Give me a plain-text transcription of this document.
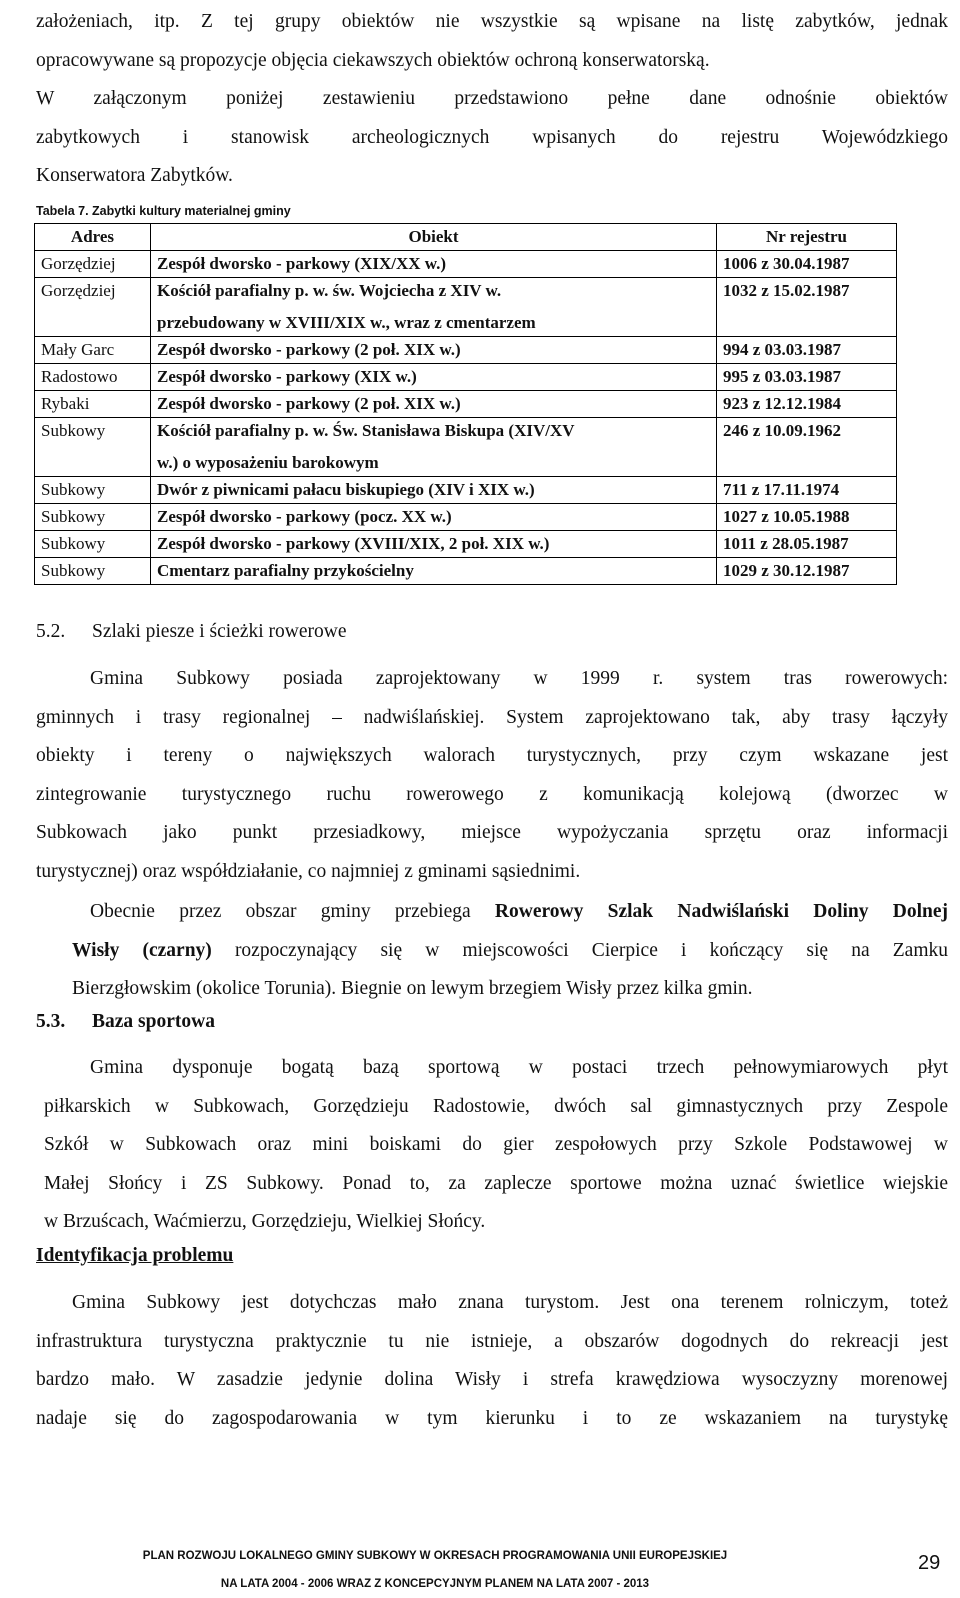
założeniach, itp. Z tej grupy obiektów nie wszystkie są wpisane na listę zabytków, jednak
opracowywane są propozycje objęcia ciekawszych obiektów ochroną konserwatorską.
W załączonym poniżej zestawieniu przedstawiono pełne dane odnośnie obiektów
zabytkowych i stanowisk archeologicznych wpisanych do rejestru Wojewódzkiego
Konserwatora Zabytków.
Tabela 7. Zabytki kultury materialnej gminy
Adres	Obiekt	Nr rejestru
Gorzędziej	Zespół dworsko - parkowy (XIX/XX w.)	1006 z 30.04.1987
Gorzędziej	Kościół parafialny p. w. św. Wojciecha z XIV w.
przebudowany w XVIII/XIX w., wraz z cmentarzem	1032 z 15.02.1987
Mały Garc	Zespół dworsko - parkowy (2 poł. XIX w.)	994 z 03.03.1987
Radostowo	Zespół dworsko - parkowy (XIX w.)	995 z 03.03.1987
Rybaki	Zespół dworsko - parkowy (2 poł. XIX w.)	923 z 12.12.1984
Subkowy	Kościół parafialny p. w. Św. Stanisława Biskupa (XIV/XV
w.) o wyposażeniu barokowym	246 z 10.09.1962
Subkowy	Dwór z piwnicami pałacu biskupiego (XIV i XIX w.)	711 z 17.11.1974
Subkowy	Zespół dworsko - parkowy (pocz. XX w.)	1027 z 10.05.1988
Subkowy	Zespół dworsko - parkowy (XVIII/XIX, 2 poł. XIX w.)	1011 z 28.05.1987
Subkowy	Cmentarz parafialny przykościelny	1029 z 30.12.1987
5.2. Szlaki piesze i ścieżki rowerowe
Gmina Subkowy posiada zaprojektowany w 1999 r. system tras rowerowych:
gminnych i trasy regionalnej – nadwiślańskiej. System zaprojektowano tak, aby trasy łączyły
obiekty i tereny o największych walorach turystycznych, przy czym wskazane jest
zintegrowanie turystycznego ruchu rowerowego z komunikacją kolejową (dworzec w
Subkowach jako punkt przesiadkowy, miejsce wypożyczania sprzętu oraz informacji
turystycznej) oraz współdziałanie, co najmniej z gminami sąsiednimi.
Obecnie przez obszar gminy przebiega Rowerowy Szlak Nadwiślański Doliny Dolnej
Wisły (czarny) rozpoczynający się w miejscowości Cierpice i kończący się na Zamku
Bierzgłowskim (okolice Torunia). Biegnie on lewym brzegiem Wisły przez kilka gmin.
5.3. Baza sportowa
Gmina dysponuje bogatą bazą sportową w postaci trzech pełnowymiarowych płyt
piłkarskich w Subkowach, Gorzędzieju Radostowie, dwóch sal gimnastycznych przy Zespole
Szkół w Subkowach oraz mini boiskami do gier zespołowych przy Szkole Podstawowej w
Małej Słońcy i ZS Subkowy. Ponad to, za zaplecze sportowe można uznać świetlice wiejskie
w Brzuścach, Waćmierzu, Gorzędzieju, Wielkiej Słońcy.
Identyfikacja problemu
Gmina Subkowy jest dotychczas mało znana turystom. Jest ona terenem rolniczym, toteż
infrastruktura turystyczna praktycznie tu nie istnieje, a obszarów dogodnych do rekreacji jest
bardzo mało. W zasadzie jedynie dolina Wisły i strefa krawędziowa wysoczyzny morenowej
nadaje się do zagospodarowania w tym kierunku i to ze wskazaniem na turystykę
PLAN ROZWOJU LOKALNEGO GMINY SUBKOWY W OKRESACH PROGRAMOWANIA UNII EUROPEJSKIEJ
NA LATA 2004 - 2006 WRAZ Z KONCEPCYJNYM PLANEM NA LATA 2007 - 2013
29
